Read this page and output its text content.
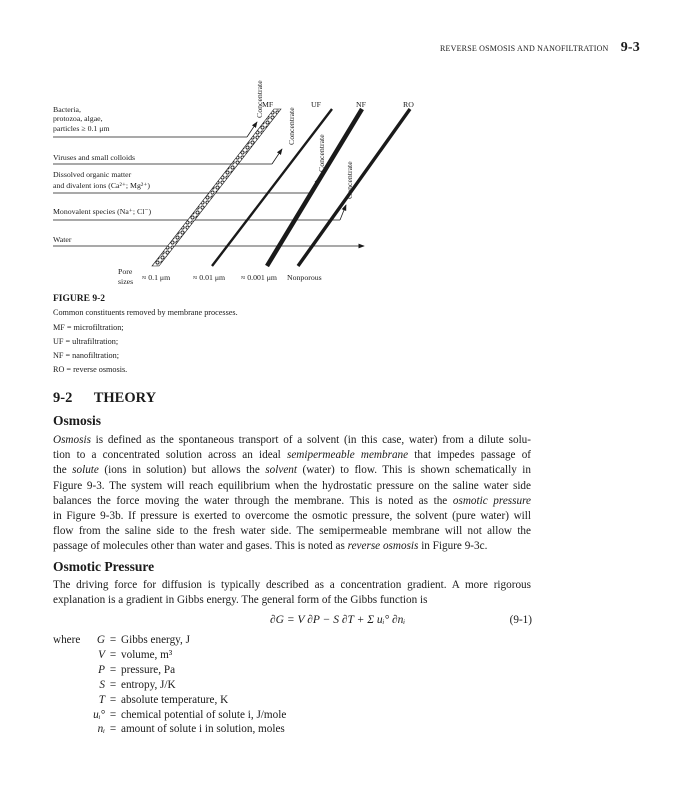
REVERSE OSMOSIS AND NANOFILTRATION 9-3
Bacteria,
protozoa, algae,
particles ≥ 0.1 μm
Viruses and small colloids
Dissolved organic matter
and divalent ions (Ca²⁺; Mg²⁺)
Monovalent species (Na⁺; Cl⁻)
Water
Concentrate
Concentrate
Concentrate
Concentrate
MF	UF	NF	RO
Pore
sizes ≈ 0.1 μm	≈ 0.01 μm ≈ 0.001 μm Nonporous
FIGURE 9-2
Common constituents removed by membrane processes.
MF = microfiltration;
UF = ultrafiltration;
NF = nanofiltration;
RO = reverse osmosis.
9-2 THEORY
Osmosis
Osmosis is defined as the spontaneous transport of a solvent (in this case, water) from a dilute solu-
tion to a concentrated solution across an ideal semipermeable membrane that impedes passage of
the solute (ions in solution) but allows the solvent (water) to flow. This is shown schematically in
Figure 9-3. The system will reach equilibrium when the hydrostatic pressure on the saline water side
balances the force moving the water through the membrane. This is noted as the osmotic pressure
in Figure 9-3b. If pressure is exerted to overcome the osmotic pressure, the solvent (pure water) will
flow from the saline side to the fresh water side. The semipermeable membrane will not allow the
passage of molecules other than water and gases. This is noted as reverse osmosis in Figure 9-3c.
Osmotic Pressure
The driving force for diffusion is typically described as a concentration gradient. A more rigorous
explanation is a gradient in Gibbs energy. The general form of the Gibbs function is
∂G = V ∂P − S ∂T + Σ uᵢ° ∂nᵢ	(9-1)
where	G = Gibbs energy, J
V = volume, m³
P = pressure, Pa
S = entropy, J/K
T = absolute temperature, K
uᵢ° = chemical potential of solute i, J/mole
nᵢ = amount of solute i in solution, moles
